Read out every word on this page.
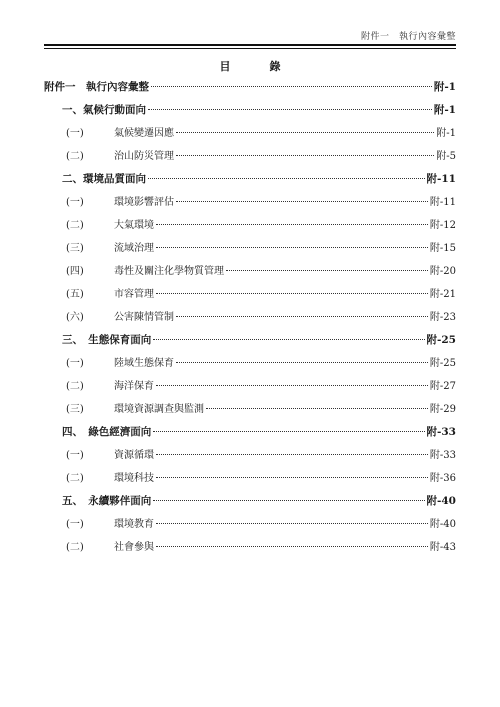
附件一　執行內容彙整
目　錄
附件一　執行內容彙整	附-1
一、 氣候行動面向	附-1
(一)	氣候變遷因應	附-1
(二)	治山防災管理	附-5
二、 環境品質面向	附-11
(一)	環境影響評估	附-11
(二)	大氣環境	附-12
(三)	流域治理	附-15
(四)	毒性及關注化學物質管理	附-20
(五)	市容管理	附-21
(六)	公害陳情管制	附-23
三、　 生態保育面向	附-25
(一)	陸域生態保育	附-25
(二)	海洋保育	附-27
(三)	環境資源調查與監測	附-29
四、　 綠色經濟面向	附-33
(一)	資源循環	附-33
(二)	環境科技	附-36
五、　 永續夥伴面向	附-40
(一)	環境教育	附-40
(二)	社會參與	附-43
